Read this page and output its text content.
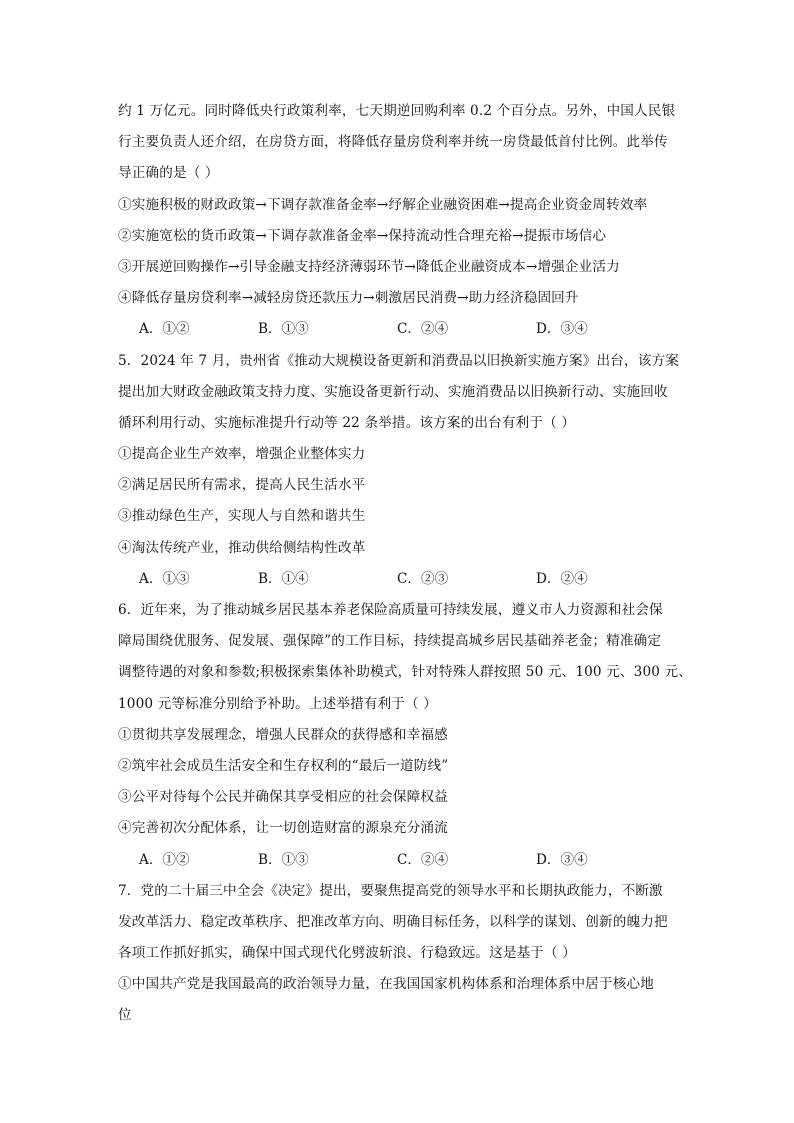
约 1 万亿元。同时降低央行政策利率，七天期逆回购利率 0.2 个百分点。另外，中国人民银
行主要负责人还介绍，在房贷方面，将降低存量房贷利率并统一房贷最低首付比例。此举传
导正确的是（ ）
①实施积极的财政政策→下调存款准备金率→纾解企业融资困难→提高企业资金周转效率
②实施宽松的货币政策→下调存款准备金率→保持流动性合理充裕→提振市场信心
③开展逆回购操作→引导金融支持经济薄弱环节→降低企业融资成本→增强企业活力
④降低存量房贷利率→减轻房贷还款压力→刺激居民消费→助力经济稳固回升
A．①②	B．①③	C．②④	D．③④
5．2024 年 7 月，贵州省《推动大规模设备更新和消费品以旧换新实施方案》出台，该方案
提出加大财政金融政策支持力度、实施设备更新行动、实施消费品以旧换新行动、实施回收
循环利用行动、实施标准提升行动等 22 条举措。该方案的出台有利于（ ）
①提高企业生产效率，增强企业整体实力
②满足居民所有需求，提高人民生活水平
③推动绿色生产，实现人与自然和谐共生
④淘汰传统产业，推动供给侧结构性改革
A．①③	B．①④	C．②③	D．②④
6．近年来，为了推动城乡居民基本养老保险高质量可持续发展，遵义市人力资源和社会保
障局围绕优服务、促发展、强保障”的工作目标，持续提高城乡居民基础养老金；精准确定
调整待遇的对象和参数;积极探索集体补助模式，针对特殊人群按照 50 元、100 元、300 元、
1000 元等标准分别给予补助。上述举措有利于（ ）
①贯彻共享发展理念，增强人民群众的获得感和幸福感
②筑牢社会成员生活安全和生存权利的“最后一道防线”
③公平对待每个公民并确保其享受相应的社会保障权益
④完善初次分配体系，让一切创造财富的源泉充分涌流
A．①②	B．①③	C．②④	D．③④
7．党的二十届三中全会《决定》提出，要聚焦提高党的领导水平和长期执政能力，不断激
发改革活力、稳定改革秩序、把准改革方向、明确目标任务，以科学的谋划、创新的魄力把
各项工作抓好抓实，确保中国式现代化劈波斩浪、行稳致远。这是基于（ ）
①中国共产党是我国最高的政治领导力量，在我国国家机构体系和治理体系中居于核心地
位
